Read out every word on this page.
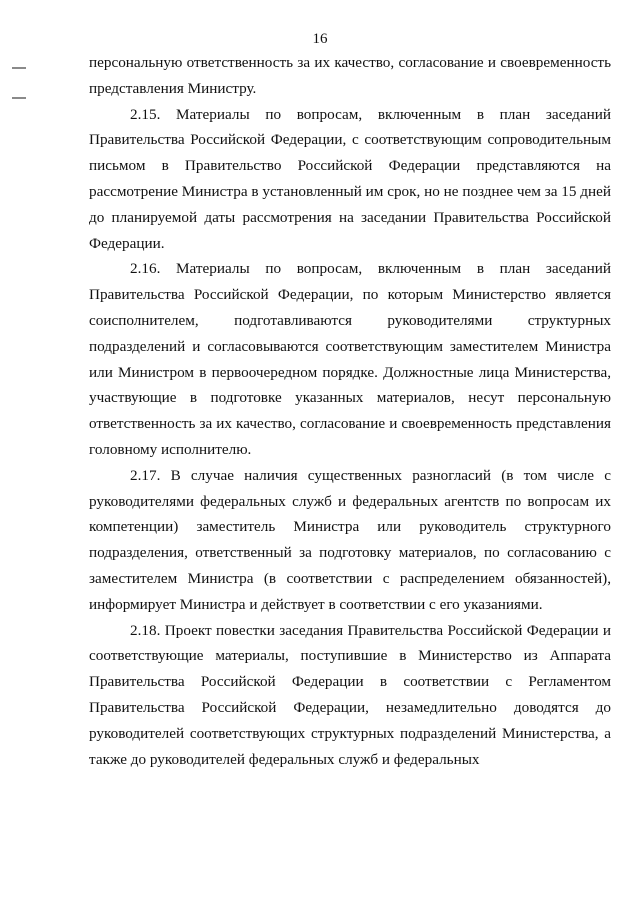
16

персональную ответственность за их качество, согласование и своевременность представления Министру.

2.15. Материалы по вопросам, включенным в план заседаний Правительства Российской Федерации, с соответствующим сопроводительным письмом в Правительство Российской Федерации представляются на рассмотрение Министра в установленный им срок, но не позднее чем за 15 дней до планируемой даты рассмотрения на заседании Правительства Российской Федерации.

2.16. Материалы по вопросам, включенным в план заседаний Правительства Российской Федерации, по которым Министерство является соисполнителем, подготавливаются руководителями структурных подразделений и согласовываются соответствующим заместителем Министра или Министром в первоочередном порядке. Должностные лица Министерства, участвующие в подготовке указанных материалов, несут персональную ответственность за их качество, согласование и своевременность представления головному исполнителю.

2.17. В случае наличия существенных разногласий (в том числе с руководителями федеральных служб и федеральных агентств по вопросам их компетенции) заместитель Министра или руководитель структурного подразделения, ответственный за подготовку материалов, по согласованию с заместителем Министра (в соответствии с распределением обязанностей), информирует Министра и действует в соответствии с его указаниями.

2.18. Проект повестки заседания Правительства Российской Федерации и соответствующие материалы, поступившие в Министерство из Аппарата Правительства Российской Федерации в соответствии с Регламентом Правительства Российской Федерации, незамедлительно доводятся до руководителей соответствующих структурных подразделений Министерства, а также до руководителей федеральных служб и федеральных
